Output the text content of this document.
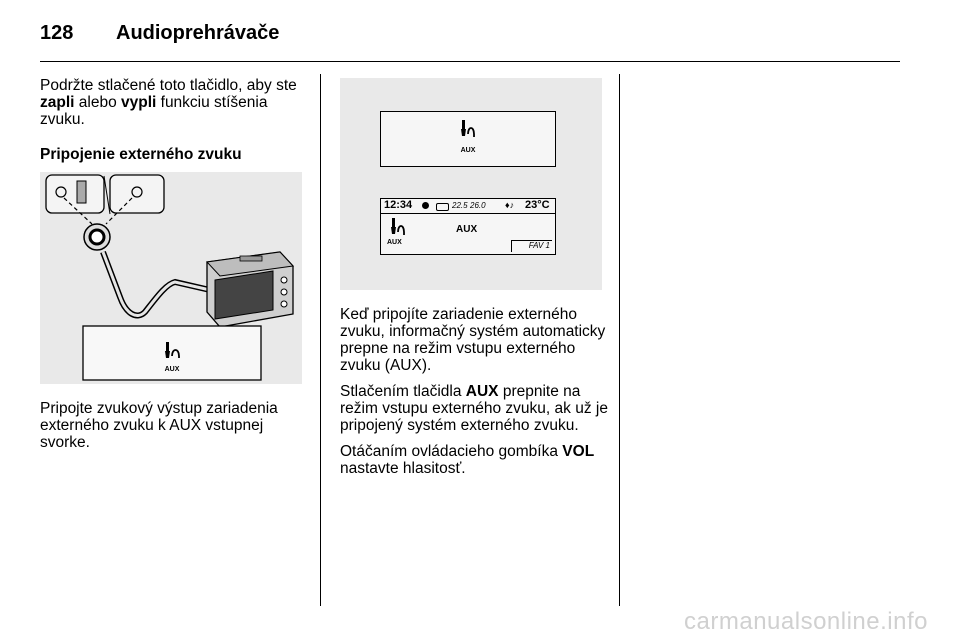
128 Audioprehrávače

Podržte stlačené toto tlačidlo, aby ste zapli alebo vypli funkciu stíšenia zvuku.

Pripojenie externého zvuku

AUX

Pripojte zvukový výstup zariadenia externého zvuku k AUX vstupnej svorke.

AUX
12:34	22.5 26.0 ♦♪ 23°C
AUX
AUX
FAV 1

Keď pripojíte zariadenie externého zvuku, informačný systém automaticky prepne na režim vstupu externého zvuku (AUX).

Stlačením tlačidla AUX prepnite na režim vstupu externého zvuku, ak už je pripojený systém externého zvuku.

Otáčaním ovládacieho gombíka VOL nastavte hlasitosť.

carmanualsonline.info
